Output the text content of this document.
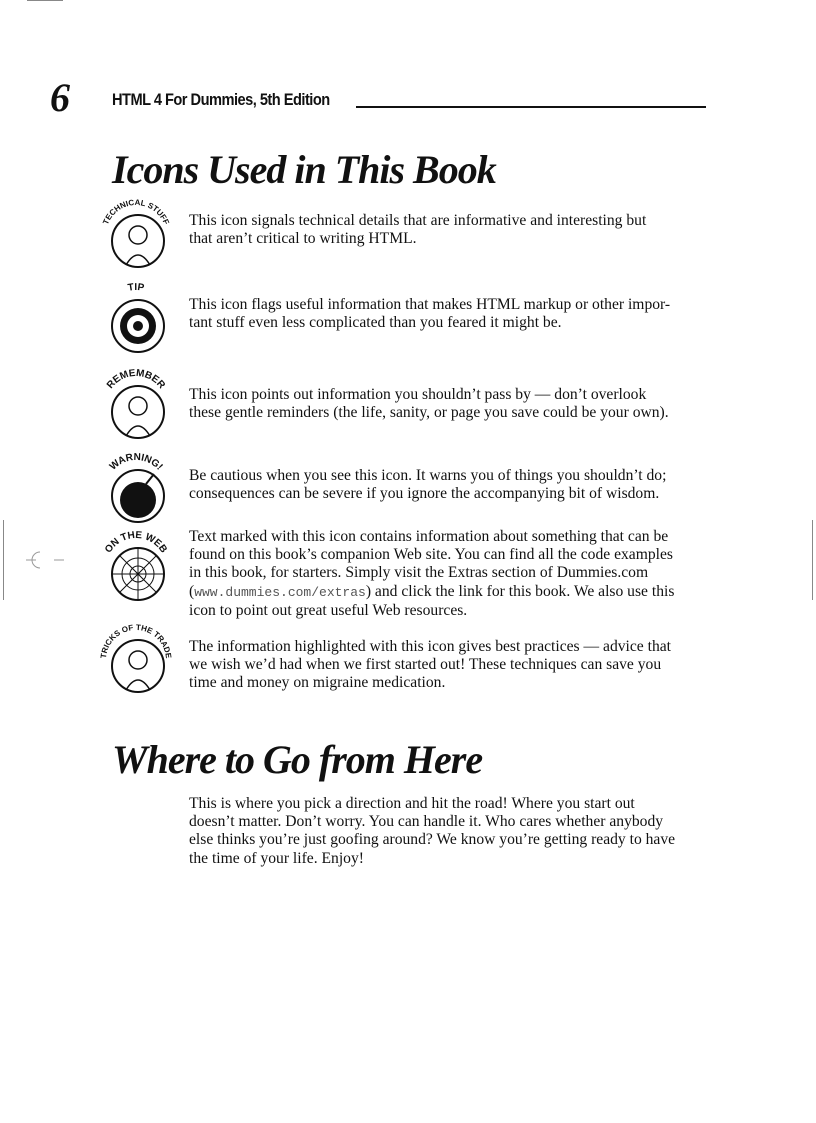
6 HTML 4 For Dummies, 5th Edition
Icons Used in This Book
TECHNICAL STUFF This icon signals technical details that are informative and interesting but
that aren’t critical to writing HTML.
TIP
This icon flags useful information that makes HTML markup or other impor-
tant stuff even less complicated than you feared it might be.
REMEMBER
This icon points out information you shouldn’t pass by — don’t overlook
these gentle reminders (the life, sanity, or page you save could be your own).
WARNING! Be cautious when you see this icon. It warns you of things you shouldn’t do;
consequences can be severe if you ignore the accompanying bit of wisdom.
ON THE WEB
Text marked with this icon contains information about something that can be
found on this book’s companion Web site. You can find all the code examples
in this book, for starters. Simply visit the Extras section of Dummies.com
(www.dummies.com/extras) and click the link for this book. We also use this
icon to point out great useful Web resources.
TRICKS OF THE TRADE
The information highlighted with this icon gives best practices — advice that
we wish we’d had when we first started out! These techniques can save you
time and money on migraine medication.
Where to Go from Here
This is where you pick a direction and hit the road! Where you start out
doesn’t matter. Don’t worry. You can handle it. Who cares whether anybody
else thinks you’re just goofing around? We know you’re getting ready to have
the time of your life. Enjoy!
